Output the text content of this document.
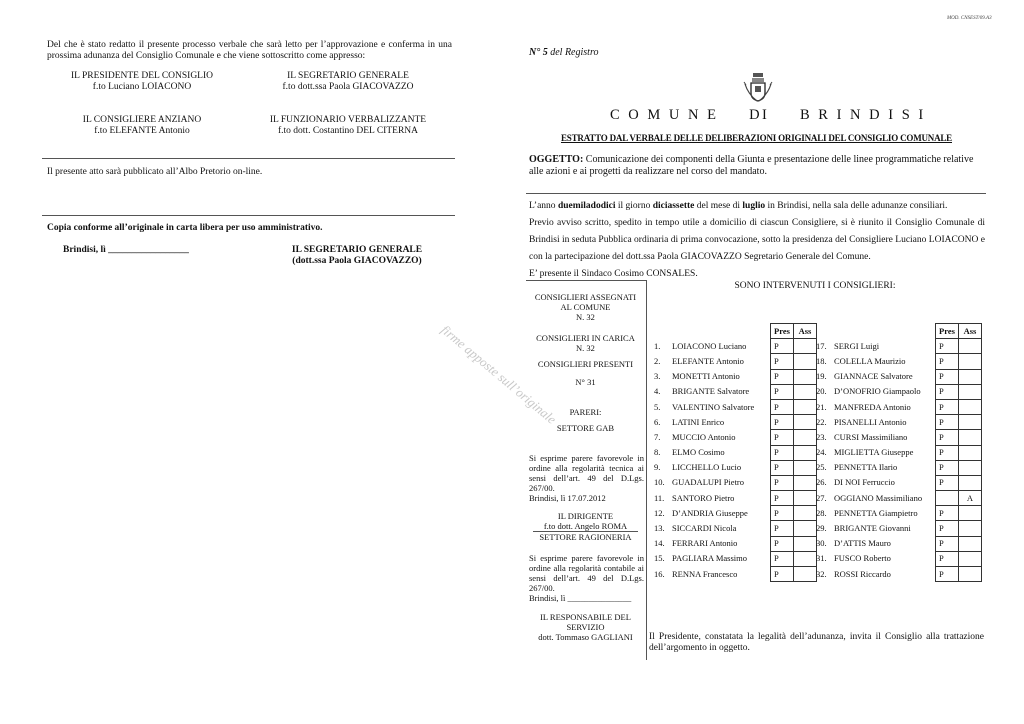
Del che è stato redatto il presente processo verbale che sarà letto per l’approvazione e conferma in una prossima adunanza del Consiglio Comunale e che viene sottoscritto come appresso:
IL PRESIDENTE DEL CONSIGLIO
f.to Luciano LOIACONO
IL SEGRETARIO GENERALE
f.to dott.ssa Paola GIACOVAZZO
IL CONSIGLIERE ANZIANO
f.to ELEFANTE Antonio
IL FUNZIONARIO VERBALIZZANTE
f.to dott. Costantino DEL CITERNA
Il presente atto sarà pubblicato all’Albo Pretorio on-line.
Copia conforme all’originale in carta libera per uso amministrativo.
Brindisi, lì _________________	IL SEGRETARIO GENERALE
(dott.ssa Paola GIACOVAZZO)
MOD. CNSEST/09.A3
N° 5 del Registro
C O M U N E     DI     B R I N D I S I
ESTRATTO DAL VERBALE DELLE DELIBERAZIONI ORIGINALI DEL CONSIGLIO COMUNALE
OGGETTO: Comunicazione dei componenti della Giunta e presentazione delle linee programmatiche relative alle azioni e ai progetti da realizzare nel corso del mandato.
L’anno duemiladodici il giorno diciassette del mese di luglio in Brindisi, nella sala delle adunanze consiliari.
Previo avviso scritto, spedito in tempo utile a domicilio di ciascun Consigliere, si è riunito il Consiglio Comunale di Brindisi in seduta Pubblica ordinaria di prima convocazione, sotto la presidenza del Consigliere Luciano LOIACONO e con la partecipazione del dott.ssa Paola GIACOVAZZO Segretario Generale del Comune.
E’ presente il Sindaco Cosimo CONSALES.
CONSIGLIERI ASSEGNATI
AL COMUNE
N. 32
CONSIGLIERI IN CARICA
N. 32
CONSIGLIERI PRESENTI
N° 31
PARERI:
SETTORE GAB
Si esprime parere favorevole in ordine alla regolarità tecnica ai sensi dell’art. 49 del D.Lgs. 267/00.
Brindisi, lì 17.07.2012
IL DIRIGENTE
f.to dott. Angelo ROMA
SETTORE RAGIONERIA
Si esprime parere favorevole in ordine alla regolarità contabile ai sensi dell’art. 49 del D.Lgs. 267/00.
Brindisi, lì _______________
IL RESPONSABILE DEL
SERVIZIO
dott. Tommaso GAGLIANI
SONO INTERVENUTI I CONSIGLIERI:
firme apposte sull’originale
			Pres	Ass
1.	LOIACONO Luciano	P	
2.	ELEFANTE Antonio	P	
3.	MONETTI Antonio	P	
4.	BRIGANTE Salvatore	P	
5.	VALENTINO Salvatore	P	
6.	LATINI Enrico	P	
7.	MUCCIO Antonio	P	
8.	ELMO Cosimo	P	
9.	LICCHELLO Lucio	P	
10.	GUADALUPI Pietro	P	
11.	SANTORO Pietro	P	
12.	D’ANDRIA Giuseppe	P	
13.	SICCARDI Nicola	P	
14.	FERRARI Antonio	P	
15.	PAGLIARA Massimo	P	
16.	RENNA Francesco	P	
		Pres	Ass
17.	SERGI Luigi	P	
18.	COLELLA Maurizio	P	
19.	GIANNACE Salvatore	P	
20.	D’ONOFRIO Giampaolo	P	
21.	MANFREDA Antonio	P	
22.	PISANELLI Antonio	P	
23.	CURSI Massimiliano	P	
24.	MIGLIETTA Giuseppe	P	
25.	PENNETTA Ilario	P	
26.	DI NOI Ferruccio	P	
27.	OGGIANO Massimiliano		A
28.	PENNETTA Giampietro	P	
29.	BRIGANTE Giovanni	P	
30.	D’ATTIS Mauro	P	
31.	FUSCO Roberto	P	
32.	ROSSI Riccardo	P	
Il Presidente, constatata la legalità dell’adunanza, invita il Consiglio alla trattazione dell’argomento in oggetto.
